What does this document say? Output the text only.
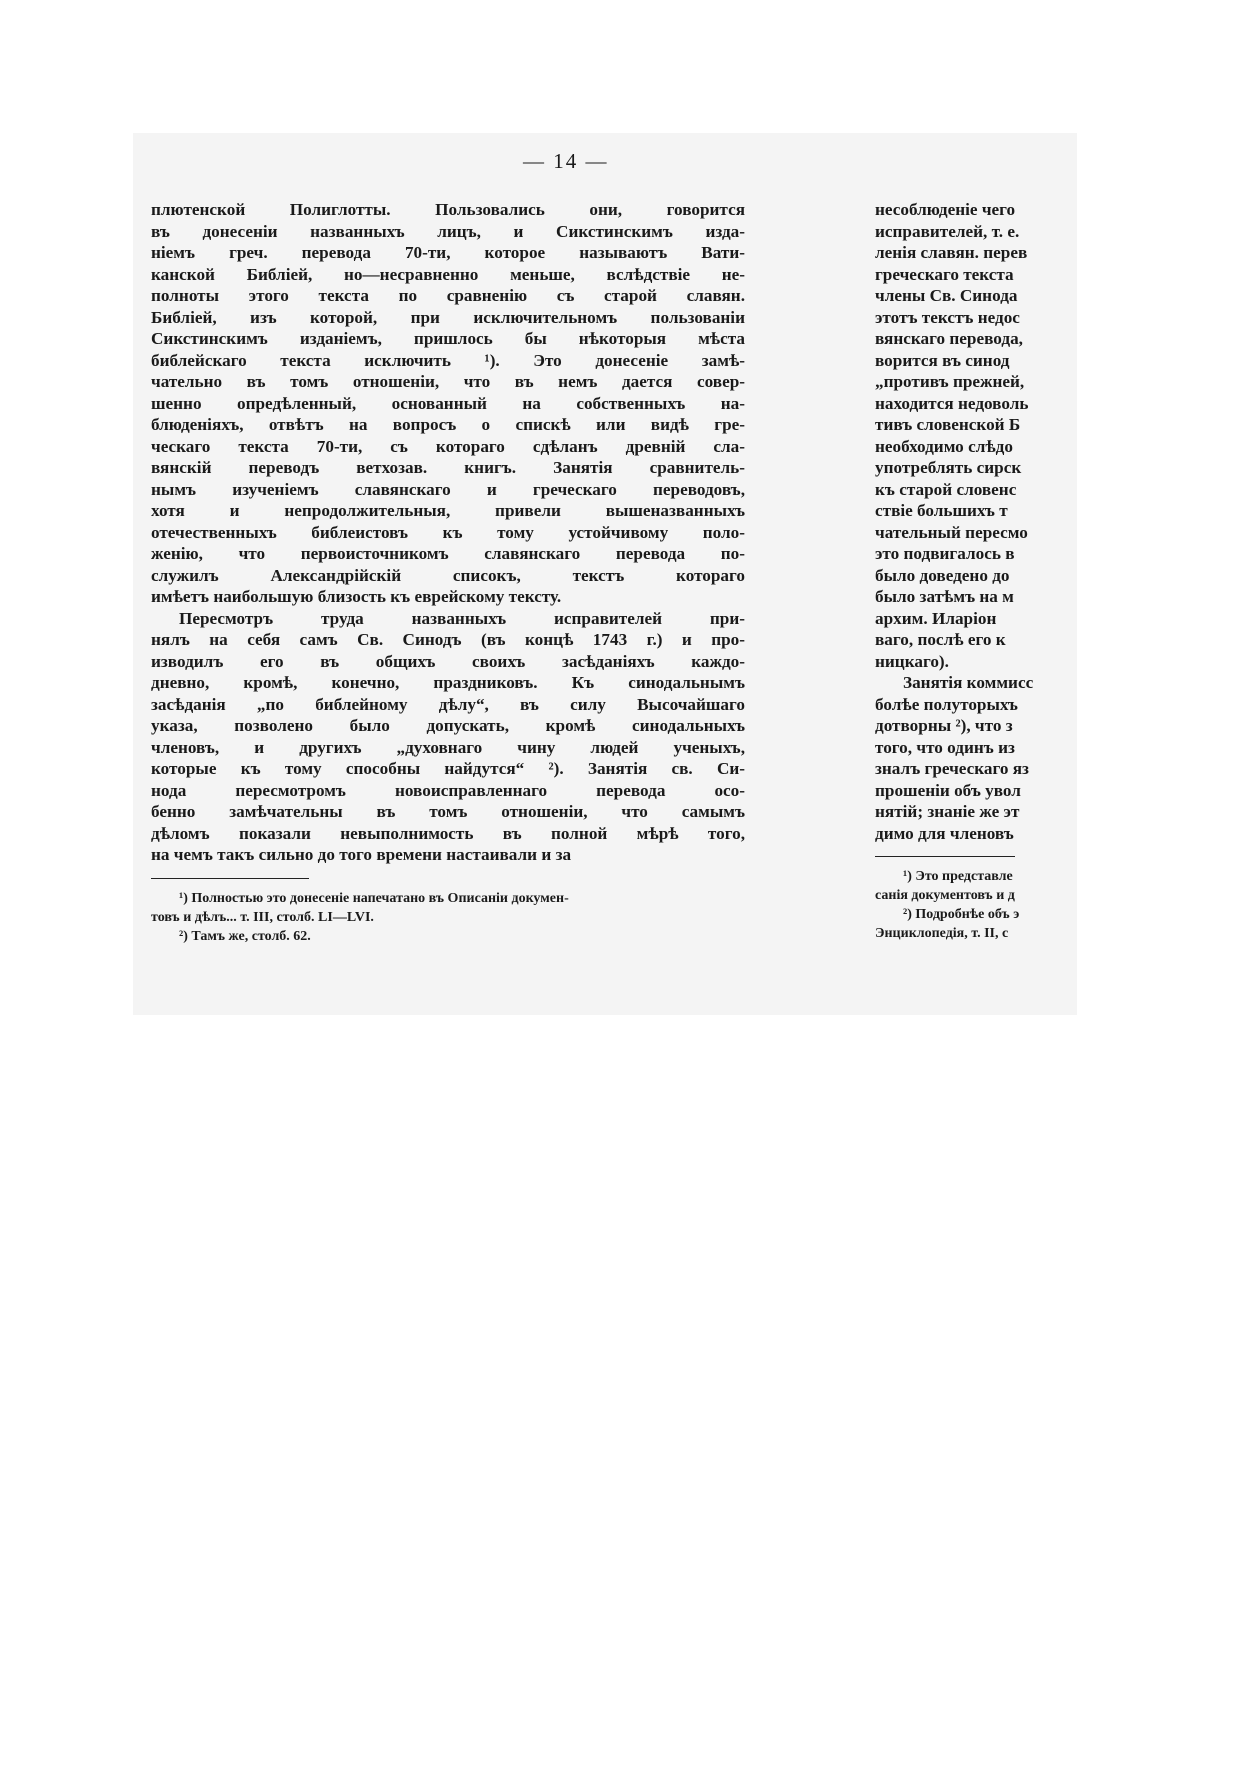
— 14 —
плютенской Полиглотты. Пользовались они, говорится
въ донесеніи названныхъ лицъ, и Сикстинскимъ изда-
ніемъ греч. перевода 70-ти, которое называютъ Вати-
канской Библіей, но—несравненно меньше, вслѣдствіе не-
полноты этого текста по сравненію съ старой славян.
Библіей, изъ которой, при исключительномъ пользованіи
Сикстинскимъ изданіемъ, пришлось бы нѣкоторыя мѣста
библейскаго текста исключить ¹). Это донесеніе замѣ-
чательно въ томъ отношеніи, что въ немъ дается совер-
шенно опредѣленный, основанный на собственныхъ на-
блюденіяхъ, отвѣтъ на вопросъ о спискѣ или видѣ гре-
ческаго текста 70-ти, съ котораго сдѣланъ древній сла-
вянскій переводъ ветхозав. книгъ. Занятія сравнитель-
нымъ изученіемъ славянскаго и греческаго переводовъ,
хотя и непродолжительныя, привели вышеназванныхъ
отечественныхъ библеистовъ къ тому устойчивому поло-
женію, что первоисточникомъ славянскаго перевода по-
служилъ Александрійскій списокъ, текстъ котораго
имѣетъ наибольшую близость къ еврейскому тексту.
Пересмотръ труда названныхъ исправителей при-
нялъ на себя самъ Св. Синодъ (въ концѣ 1743 г.) и про-
изводилъ его въ общихъ своихъ засѣданіяхъ каждо-
дневно, кромѣ, конечно, праздниковъ. Къ синодальнымъ
засѣданія „по библейному дѣлу“, въ силу Высочайшаго
указа, позволено было допускать, кромѣ синодальныхъ
членовъ, и другихъ „духовнаго чину людей ученыхъ,
которые къ тому способны найдутся“ ²). Занятія св. Си-
нода пересмотромъ новоисправленнаго перевода осо-
бенно замѣчательны въ томъ отношеніи, что самымъ
дѣломъ показали невыполнимость въ полной мѣрѣ того,
на чемъ такъ сильно до того времени настаивали и за
¹) Полностью это донесеніе напечатано въ Описаніи докумен-
товъ и дѣлъ... т. III, столб. LI—LVI.
²) Тамъ же, столб. 62.
несоблюденіе чего
исправителей, т. е.
ленія славян. перев
греческаго текста
члены Св. Синода
этотъ текстъ недос
вянскаго перевода,
ворится въ синод
„противъ прежней,
находится недоволь
тивъ словенской Б
необходимо слѣдо
употреблять сирск
къ старой словенс
ствіе большихъ т
чательный пересмо
это подвигалось в
было доведено до
было затѣмъ на м
архим. Иларіон
ваго, послѣ его к
ницкаго).
Занятія коммисс
болѣе полуторыхъ
дотворны ²), что з
того, что одинъ из
зналъ греческаго яз
прошеніи объ увол
нятій; знаніе же эт
димо для членовъ
¹) Это представле
санія документовъ и д
²) Подробнѣе объ э
Энциклопедія, т. II, с
